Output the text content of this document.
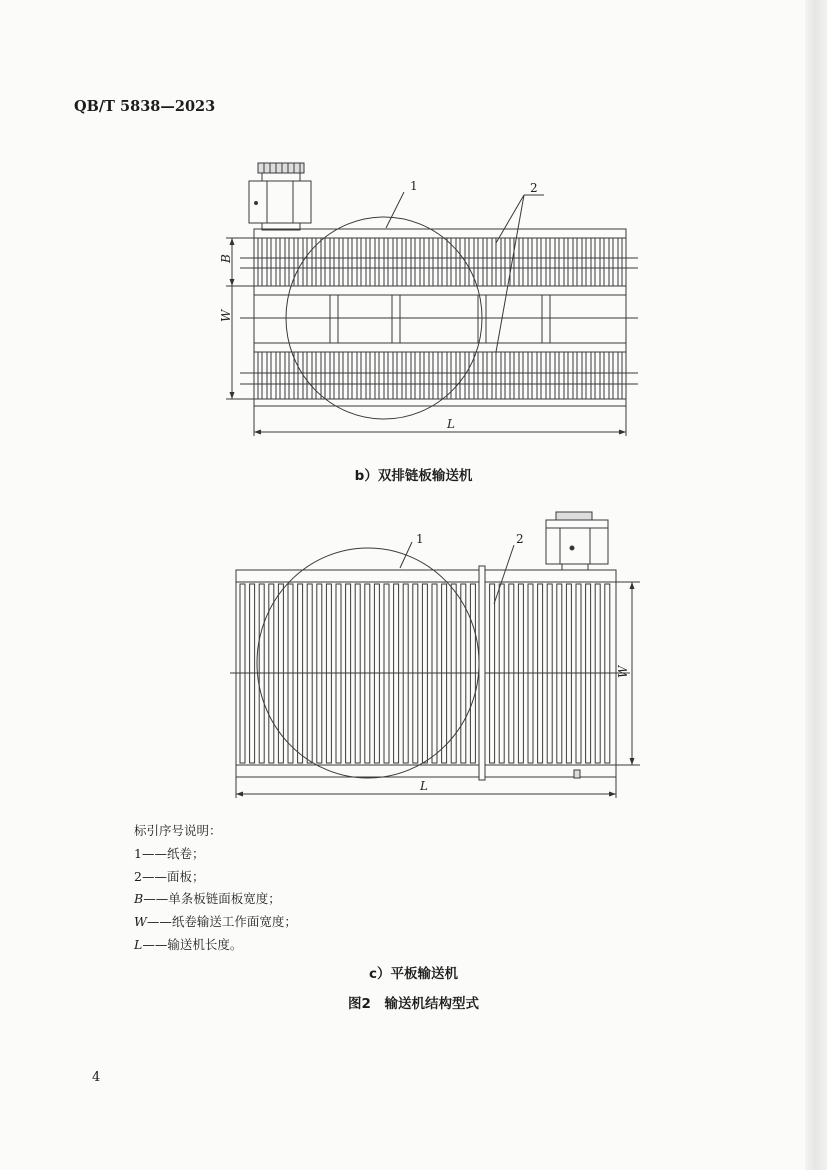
QB/T 5838—2023
1	2
B
W
L
b）双排链板输送机
1	2
W
L
标引序号说明：
1——纸卷；
2——面板；
B——单条板链面板宽度；
W——纸卷输送工作面宽度；
L——输送机长度。
c）平板输送机
图2　输送机结构型式
4
